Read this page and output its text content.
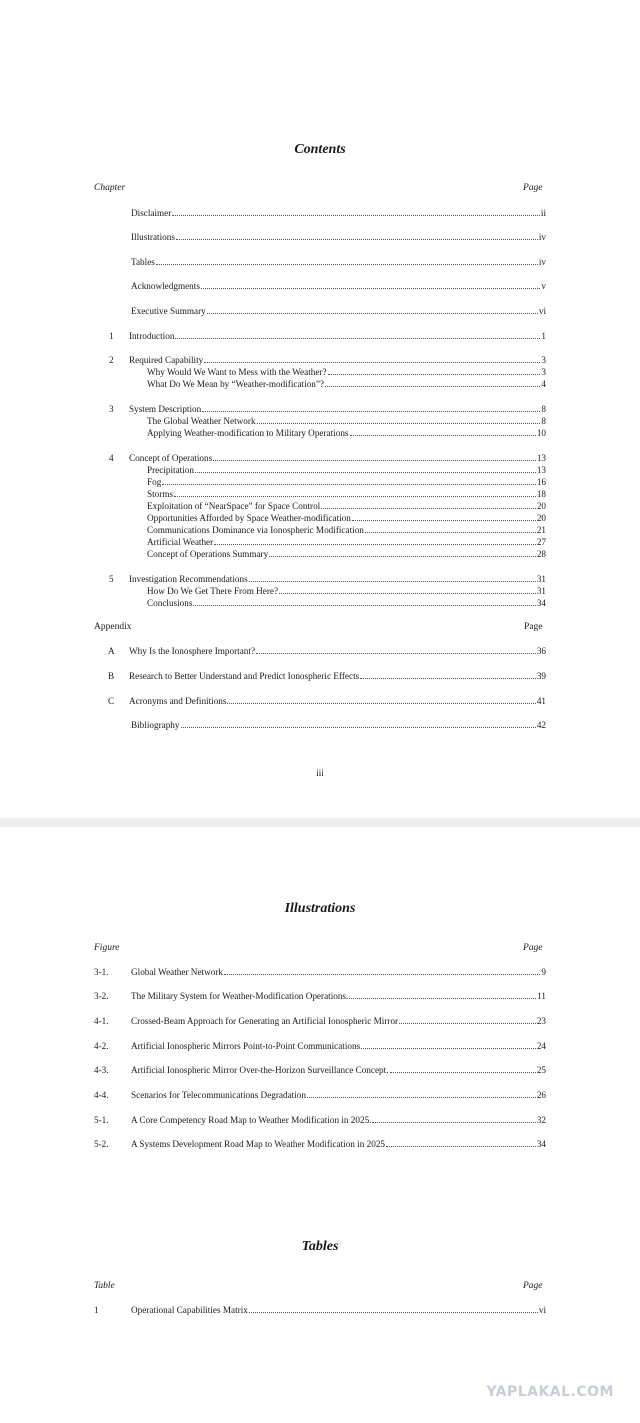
Contents
Chapter	Page
Disclaimer	ii
Illustrations	iv
Tables	iv
Acknowledgments	v
Executive Summary	vi
1 Introduction	1
2 Required Capability	3
Why Would We Want to Mess with the Weather?	3
What Do We Mean by “Weather-modification”?	4
3 System Description	8
The Global Weather Network	8
Applying Weather-modification to Military Operations	10
4 Concept of Operations	13
Precipitation	13
Fog	16
Storms	18
Exploitation of “NearSpace” for Space Control	20
Opportunities Afforded by Space Weather-modification	20
Communications Dominance via Ionospheric Modification	21
Artificial Weather	27
Concept of Operations Summary	28
5 Investigation Recommendations	31
How Do We Get There From Here?	31
Conclusions	34
Appendix	Page
A Why Is the Ionosphere Important?	36
B Research to Better Understand and Predict Ionospheric Effects	39
C Acronyms and Definitions	41
Bibliography	42
iii
Illustrations
Figure	Page
3-1. Global Weather Network	9
3-2. The Military System for Weather-Modification Operations.	11
4-1. Crossed-Beam Approach for Generating an Artificial Ionospheric Mirror	23
4-2. Artificial Ionospheric Mirrors Point-to-Point Communications	24
4-3. Artificial Ionospheric Mirror Over-the-Horizon Surveillance Concept.	25
4-4. Scenarios for Telecommunications Degradation	26
5-1. A Core Competency Road Map to Weather Modification in 2025.	32
5-2. A Systems Development Road Map to Weather Modification in 2025	34
Tables
Table	Page
1	Operational Capabilities Matrix	vi
YAPLAKAL.COM
